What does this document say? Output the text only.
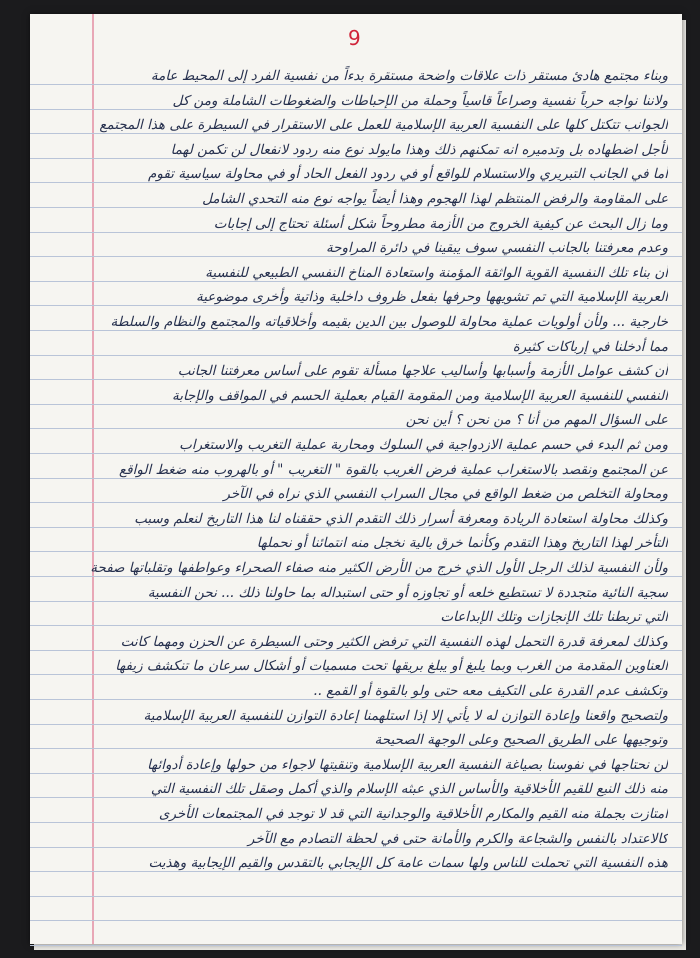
9
وبناء مجتمع هادئ مستقر ذات علاقات واضحة مستقرة بدءاً من نفسية الفرد إلى المحيط عامة
ولاننا نواجه حرباً نفسية وصراعاً قاسياً وحملة من الإحباطات والضغوطات الشاملة ومن كل
الجوانب تتكتل كلها على النفسية العربية الإسلامية للعمل على الاستقرار في السيطرة على هذا المجتمع
لأجل اضطهاده بل وتدميره انه تمكنهم ذلك وهذا مايولد نوع منه ردود لانفعال لن تكمن لهما
أما في الجانب التبريري والاستسلام للواقع أو في ردود الفعل الحاد أو في محاولة سياسية تقوم
على المقاومة والرفض المنتظم لهذا الهجوم وهذا أيضاً يواجه نوع منه التحدي الشامل
وما زال البحث عن كيفية الخروج من الأزمة مطروحاً شكل أسئلة تحتاج إلى إجابات
وعدم معرفتنا بالجانب النفسي سوف يبقينا في دائرة المراوحة
أن بناء تلك النفسية القوية الواثقة المؤمنة واستعادة المناخ النفسي الطبيعي للنفسية
العربية الإسلامية التي تم تشويهها وحرفها بفعل ظروف داخلية وذاتية وأخرى موضوعية
خارجية ... ولأن أولويات عملية محاولة للوصول بين الدين بقيمه وأخلاقياته والمجتمع والنظام والسلطة
مما أدخلنا في إرباكات كثيرة
أن كشف عوامل الأزمة وأسبابها وأساليب علاجها مسألة تقوم على أساس معرفتنا الجانب
النفسي للنفسية العربية الإسلامية ومن المقومة القيام بعملية الحسم في المواقف والإجابة
على السؤال المهم من أنا ؟ من نحن ؟ أين نحن
ومن ثم البدء في حسم عملية الازدواجية في السلوك ومحاربة عملية التغريب والاستغراب
عن المجتمع ونقصد بالاستغراب عملية فرض الغريب بالقوة " التغريب " أو بالهروب منه ضغط الواقع
ومحاولة التخلص من ضغط الواقع في مجال السراب النفسي الذي نراه في الآخر
وكذلك محاولة استعادة الريادة ومعرفة أسرار ذلك التقدم الذي حققناه لنا هذا التاريخ لنعلم وسبب
التأخر لهذا التاريخ وهذا التقدم وكأنما خرق بالية نخجل منه انتمائنا أو نحملها
ولأن النفسية لذلك الرجل الأول الذي خرج من الأرض الكثير منه صفاء الصحراء وعواطفها وتقلباتها صفحة
سجية النائية متجددة لا تستطيع خلعه أو تجاوزه أو حتى استبداله بما حاولنا ذلك ... نحن النفسية
التي تربطنا تلك الإنجازات وتلك الإبداعات
وكذلك لمعرفة قدرة التحمل لهذه النفسية التي ترفض الكثير وحتى السيطرة عن الحزن ومهما كانت
العناوين المقدمة من الغرب وبما يلبغ أو يبلغ بريقها تحت مسميات أو أشكال سرعان ما تنكشف زيفها
وتكشف عدم القدرة على التكيف معه حتى ولو بالقوة أو القمع ..
ولتصحيح واقعنا وإعادة التوازن له لا يأتي إلا إذا استلهمنا إعادة التوازن للنفسية العربية الإسلامية
وتوجيهها على الطريق الصحيح وعلى الوجهة الصحيحة
لن نحتاجها في نفوسنا بصياغة النفسية العربية الإسلامية وتنقيتها لاجواء من حولها وإعادة أدوائها
منه ذلك النبع للقيم الأخلاقية والأساس الذي عبثه الإسلام والذي أكمل وصقل تلك النفسية التي
امتازت بجملة منه القيم والمكارم الأخلاقية والوجدانية التي قد لا توجد في المجتمعات الأخرى
كالاعتداد بالنفس والشجاعة والكرم والأمانة حتى في لحظة التصادم مع الآخر
هذه النفسية التي تحملت للناس ولها سمات عامة كل الإيجابي بالتقدس والقيم الإيجابية وهذيت
